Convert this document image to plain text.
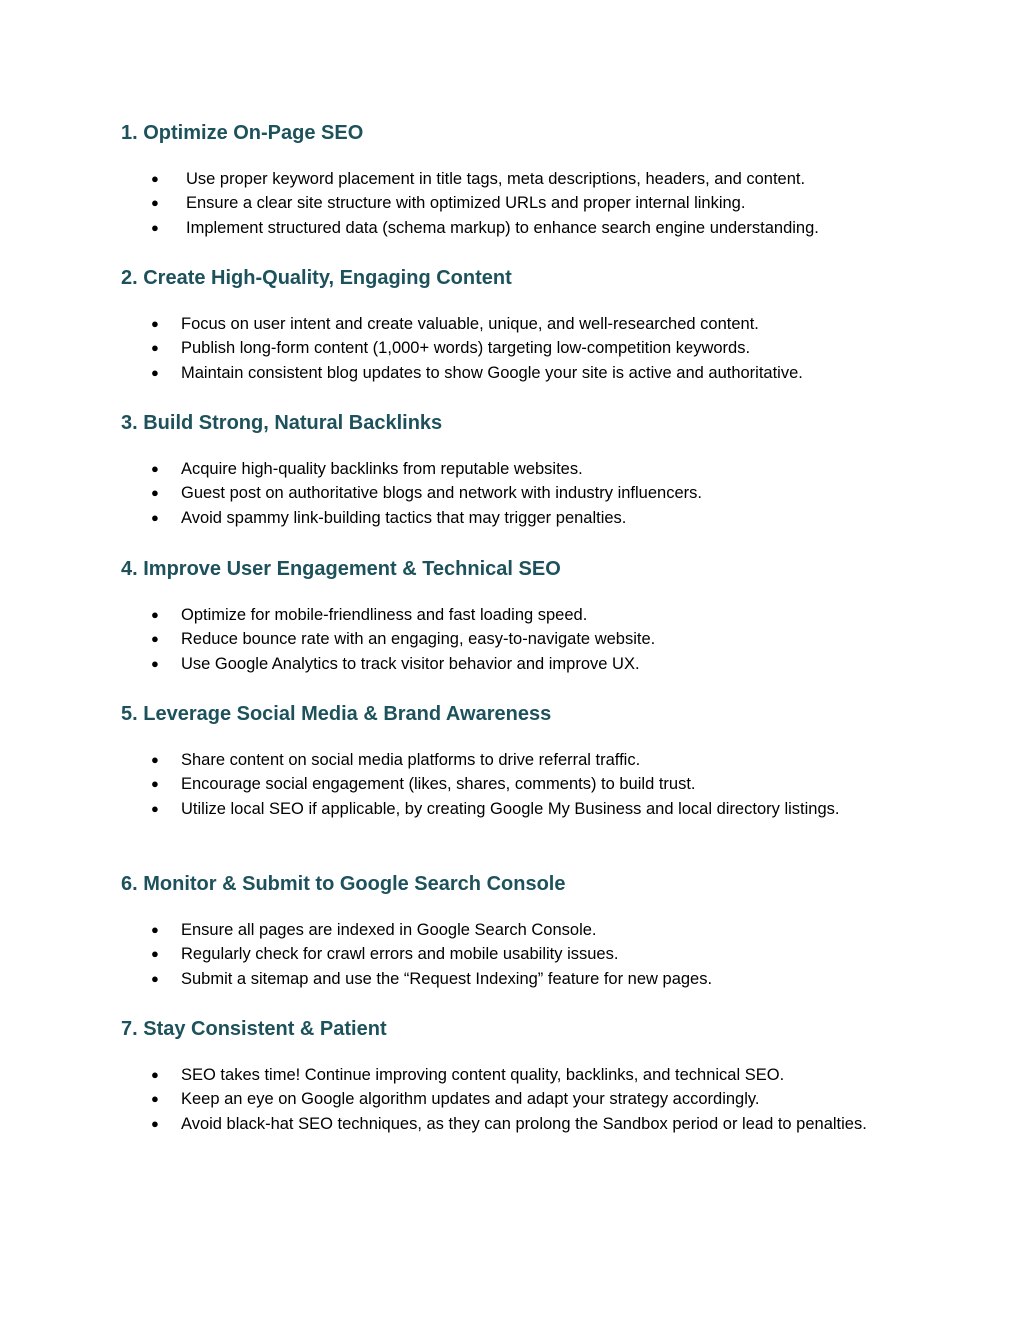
1. Optimize On-Page SEO
● Use proper keyword placement in title tags, meta descriptions, headers, and content.
● Ensure a clear site structure with optimized URLs and proper internal linking.
● Implement structured data (schema markup) to enhance search engine understanding.
2. Create High-Quality, Engaging Content
● Focus on user intent and create valuable, unique, and well-researched content.
● Publish long-form content (1,000+ words) targeting low-competition keywords.
● Maintain consistent blog updates to show Google your site is active and authoritative.
3. Build Strong, Natural Backlinks
● Acquire high-quality backlinks from reputable websites.
● Guest post on authoritative blogs and network with industry influencers.
● Avoid spammy link-building tactics that may trigger penalties.
4. Improve User Engagement & Technical SEO
● Optimize for mobile-friendliness and fast loading speed.
● Reduce bounce rate with an engaging, easy-to-navigate website.
● Use Google Analytics to track visitor behavior and improve UX.
5. Leverage Social Media & Brand Awareness
● Share content on social media platforms to drive referral traffic.
● Encourage social engagement (likes, shares, comments) to build trust.
● Utilize local SEO if applicable, by creating Google My Business and local directory listings.
6. Monitor & Submit to Google Search Console
● Ensure all pages are indexed in Google Search Console.
● Regularly check for crawl errors and mobile usability issues.
● Submit a sitemap and use the “Request Indexing” feature for new pages.
7. Stay Consistent & Patient
● SEO takes time! Continue improving content quality, backlinks, and technical SEO.
● Keep an eye on Google algorithm updates and adapt your strategy accordingly.
● Avoid black-hat SEO techniques, as they can prolong the Sandbox period or lead to penalties.
